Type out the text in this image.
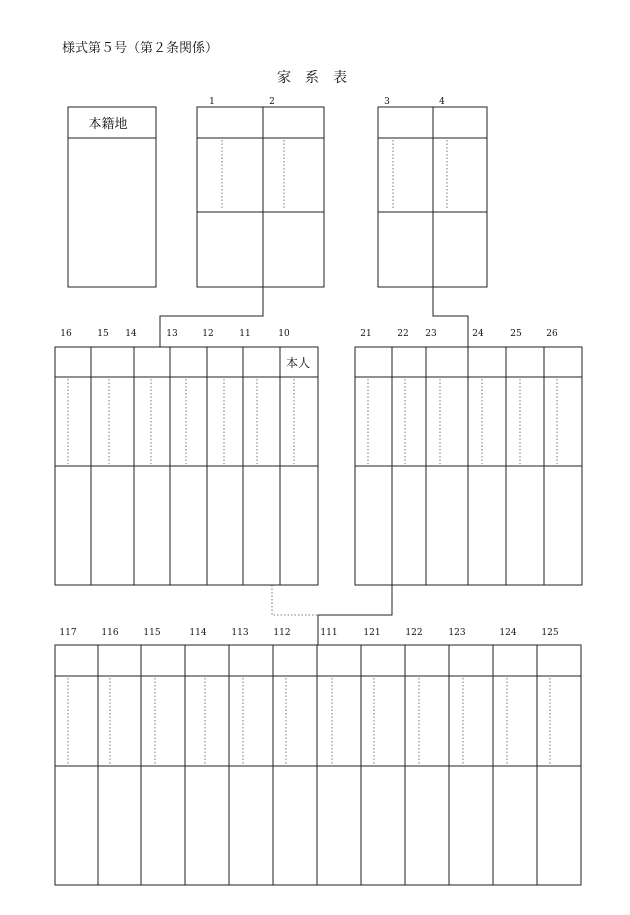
様式第５号（第２条関係）
家　系　表
本籍地
1	2	3	4
16	15 14	13	12	11	10	21	22 23	24	25	26
117	116	115	114	113	112	111	121	122	123	124	125
本人
